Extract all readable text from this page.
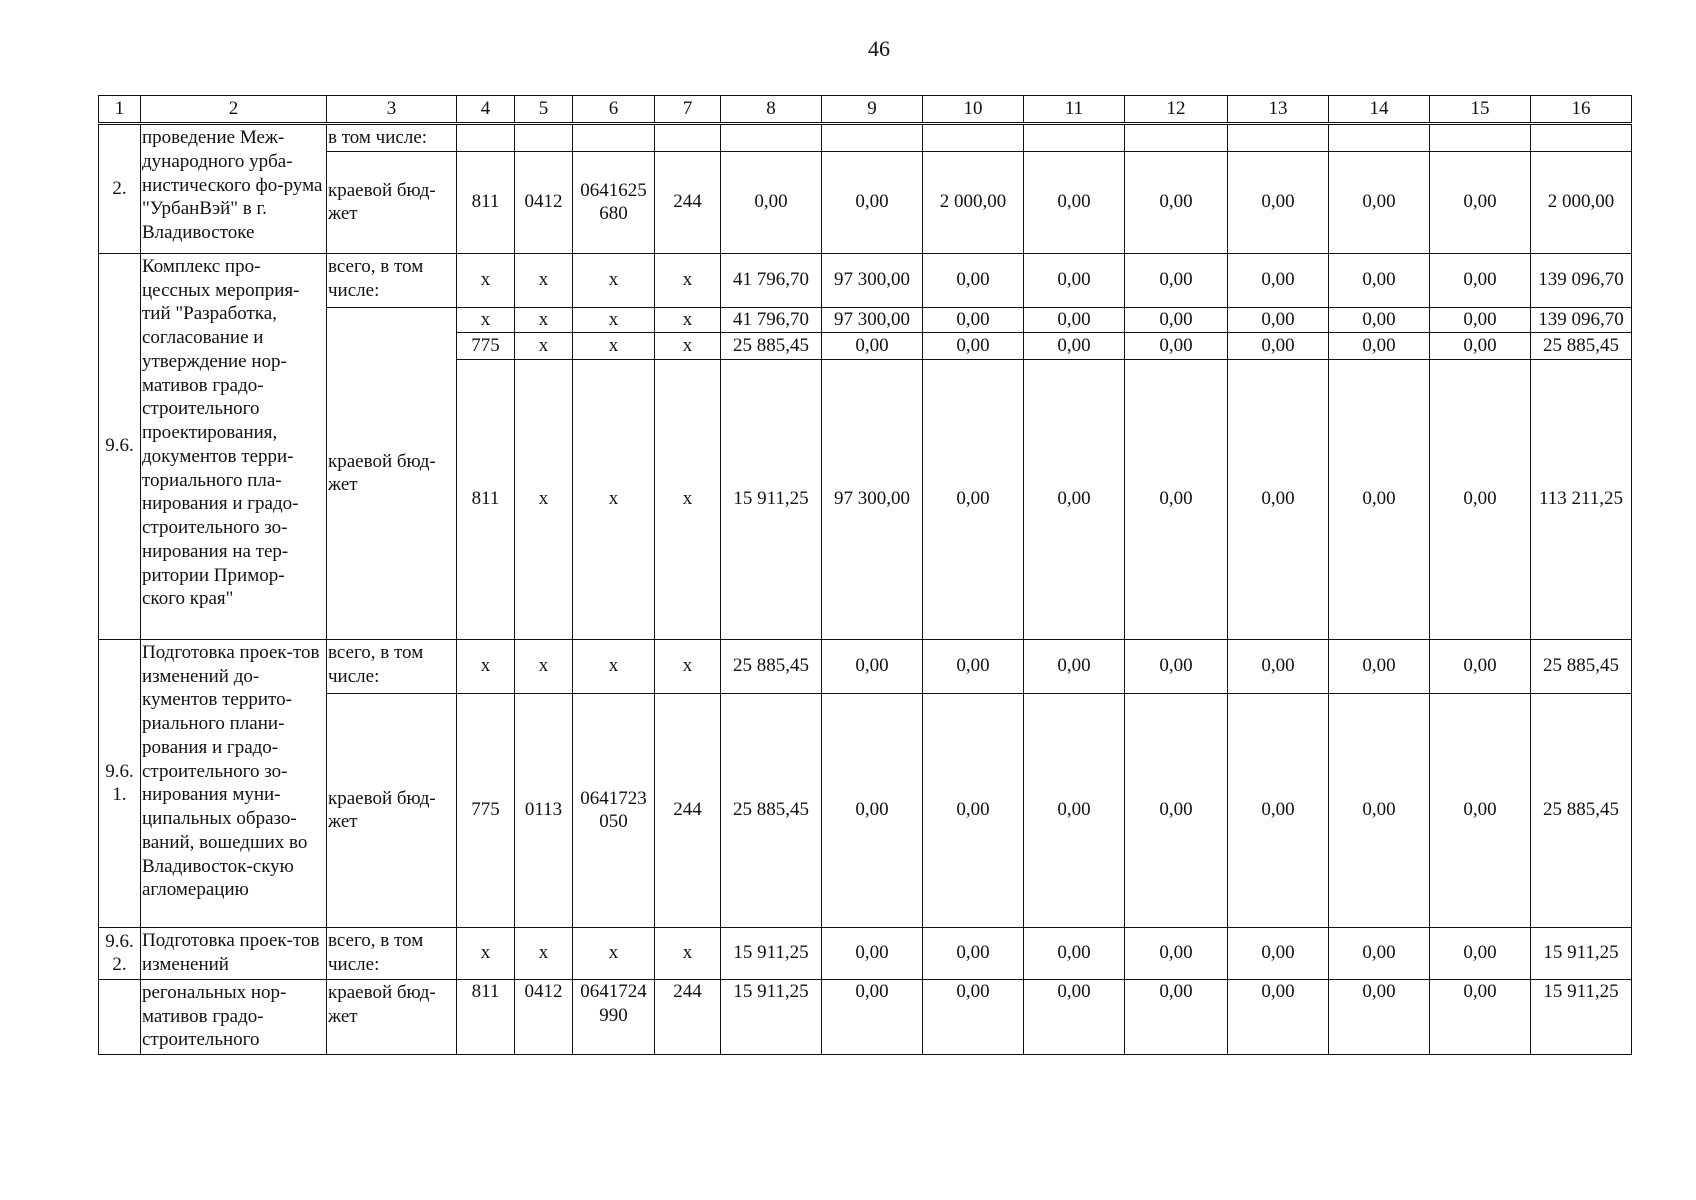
46
1	2	3	4	5	6	7	8	9	10	11	12	13	14	15	16
2.	проведение Меж-дународного урба-нистического фо-рума "УрбанВэй" в г. Владивостоке	в том числе:													
		краевой бюд-жет	811	0412	0641625 680	244	0,00	0,00	2 000,00	0,00	0,00	0,00	0,00	0,00	2 000,00
9.6.	Комплекс про-цессных мероприя-тий "Разработка, согласование и утверждение нор-мативов градо-строительного проектирования, документов терри-ториального пла-нирования и градо-строительного зо-нирования на тер-ритории Примор-ского края"	всего, в том числе:	x	x	x	x	41 796,70	97 300,00	0,00	0,00	0,00	0,00	0,00	0,00	139 096,70
		краевой бюд-жет	x	x	x	x	41 796,70	97 300,00	0,00	0,00	0,00	0,00	0,00	0,00	139 096,70
			775	x	x	x	25 885,45	0,00	0,00	0,00	0,00	0,00	0,00	0,00	25 885,45
			811	x	x	x	15 911,25	97 300,00	0,00	0,00	0,00	0,00	0,00	0,00	113 211,25
9.6. 1.	Подготовка проек-тов изменений до-кументов террито-риального плани-рования и градо-строительного зо-нирования муни-ципальных образо-ваний, вошедших во Владивосток-скую агломерацию	всего, в том числе:	x	x	x	x	25 885,45	0,00	0,00	0,00	0,00	0,00	0,00	0,00	25 885,45
		краевой бюд-жет	775	0113	0641723 050	244	25 885,45	0,00	0,00	0,00	0,00	0,00	0,00	0,00	25 885,45
9.6. 2.	Подготовка проек-тов изменений	всего, в том числе:	x	x	x	x	15 911,25	0,00	0,00	0,00	0,00	0,00	0,00	0,00	15 911,25
	регональных нор-мативов градо-строительного	краевой бюд-жет	811	0412	0641724 990	244	15 911,25	0,00	0,00	0,00	0,00	0,00	0,00	0,00	15 911,25
